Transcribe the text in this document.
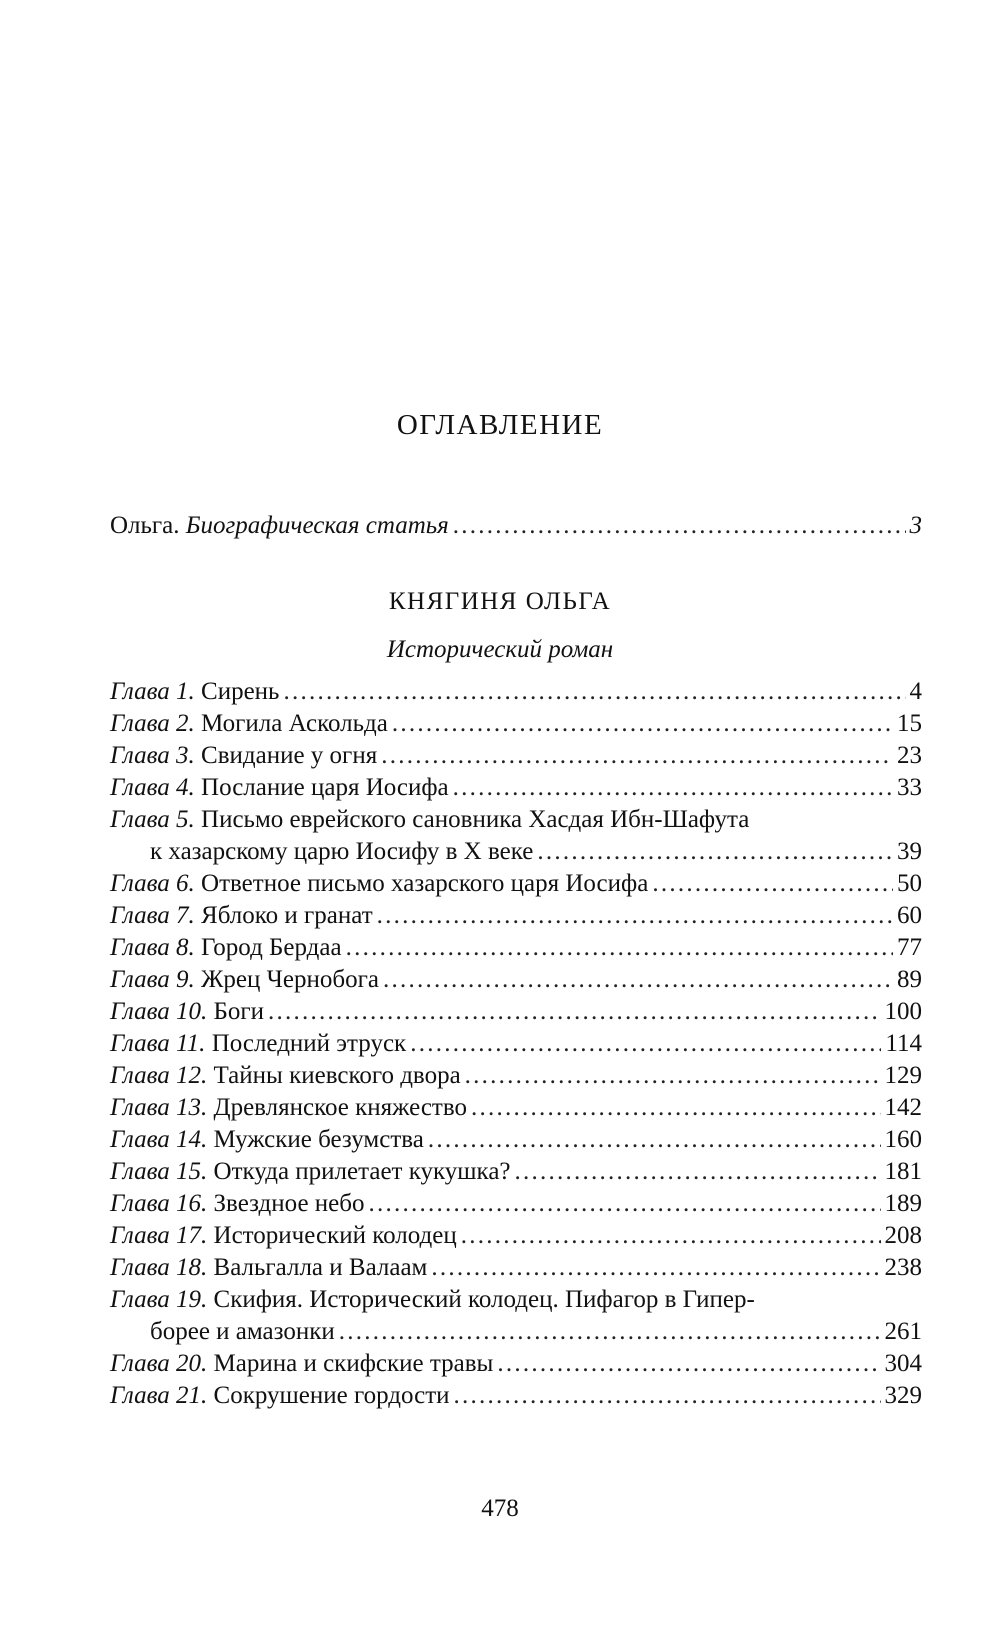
ОГЛАВЛЕНИЕ
Ольга. Биографическая статья . . .	3
КНЯГИНЯ ОЛЬГА
Исторический роман
Глава 1. Сирень . . .	4
Глава 2. Могила Аскольда . . .	15
Глава 3. Свидание у огня . . .	23
Глава 4. Послание царя Иосифа . . .	33
Глава 5. Письмо еврейского сановника Хасдая Ибн-Шафута
к хазарскому царю Иосифу в X веке . . .	39
Глава 6. Ответное письмо хазарского царя Иосифа . . .	50
Глава 7. Яблоко и гранат . . .	60
Глава 8. Город Бердаа . . .	77
Глава 9. Жрец Чернобога . . .	89
Глава 10. Боги . . .	100
Глава 11. Последний этруск . . .	114
Глава 12. Тайны киевского двора . . .	129
Глава 13. Древлянское княжество . . .	142
Глава 14. Мужские безумства . . .	160
Глава 15. Откуда прилетает кукушка? . . .	181
Глава 16. Звездное небо . . .	189
Глава 17. Исторический колодец . . .	208
Глава 18. Вальгалла и Валаам . . .	238
Глава 19. Скифия. Исторический колодец. Пифагор в Гипер-
борее и амазонки . . .	261
Глава 20. Марина и скифские травы . . .	304
Глава 21. Сокрушение гордости . . .	329
478
